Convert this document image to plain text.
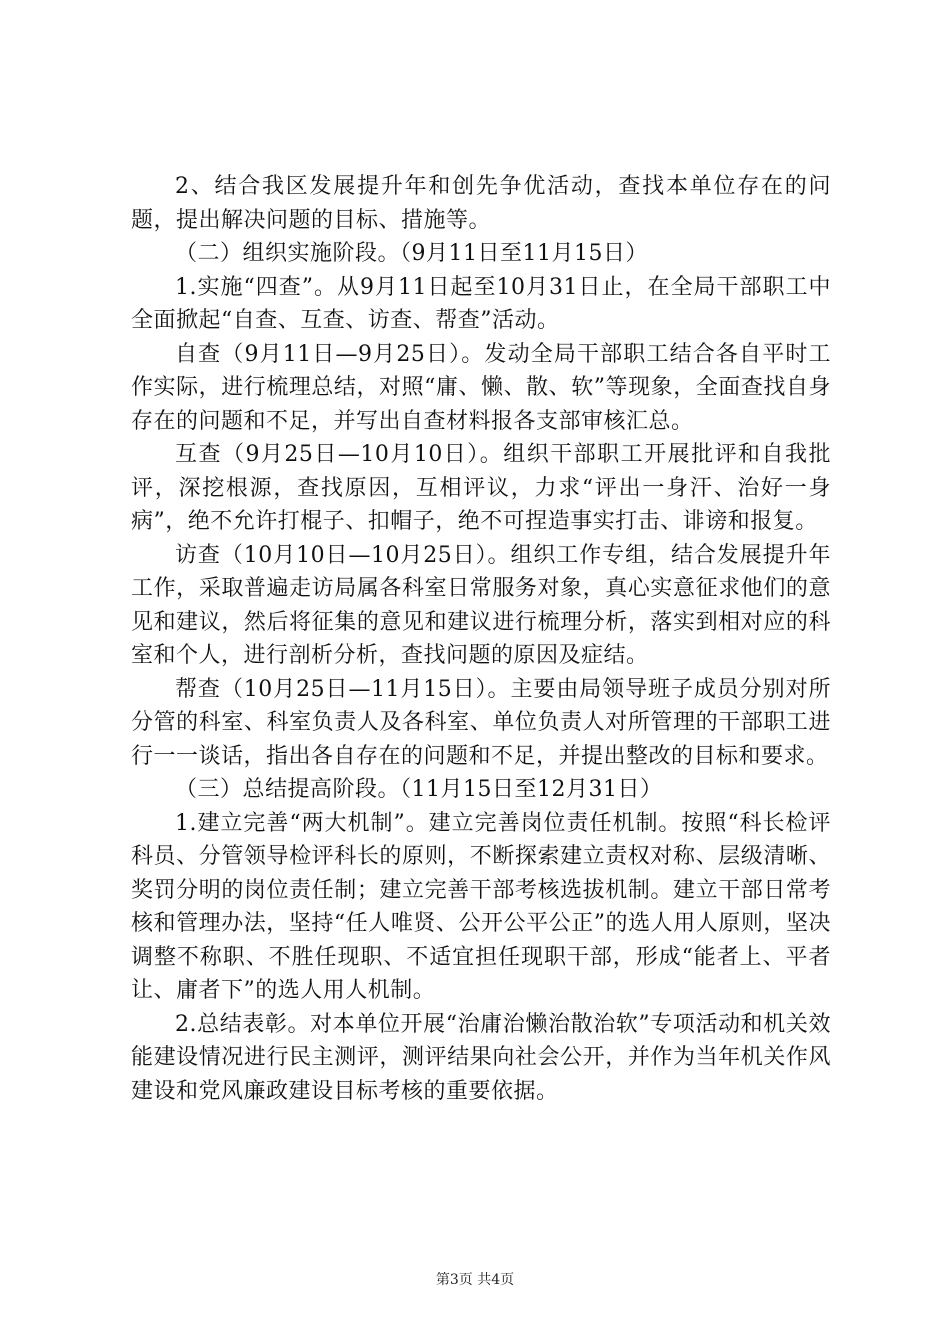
2、结合我区发展提升年和创先争优活动，查找本单位存在的问题，提出解决问题的目标、措施等。

（二）组织实施阶段。（9月11日至11月15日）

1.实施“四查”。从9月11日起至10月31日止，在全局干部职工中全面掀起“自查、互查、访查、帮查”活动。

自查（9月11日—9月25日）。发动全局干部职工结合各自平时工作实际，进行梳理总结，对照“庸、懒、散、软”等现象，全面查找自身存在的问题和不足，并写出自查材料报各支部审核汇总。

互查（9月25日—10月10日）。组织干部职工开展批评和自我批评，深挖根源，查找原因，互相评议，力求“评出一身汗、治好一身病”，绝不允许打棍子、扣帽子，绝不可捏造事实打击、诽谤和报复。

访查（10月10日—10月25日）。组织工作专组，结合发展提升年工作，采取普遍走访局属各科室日常服务对象，真心实意征求他们的意见和建议，然后将征集的意见和建议进行梳理分析，落实到相对应的科室和个人，进行剖析分析，查找问题的原因及症结。

帮查（10月25日—11月15日）。主要由局领导班子成员分别对所分管的科室、科室负责人及各科室、单位负责人对所管理的干部职工进行一一谈话，指出各自存在的问题和不足，并提出整改的目标和要求。

（三）总结提高阶段。（11月15日至12月31日）

1.建立完善“两大机制”。建立完善岗位责任机制。按照“科长检评科员、分管领导检评科长的原则，不断探索建立责权对称、层级清晰、奖罚分明的岗位责任制；建立完善干部考核选拔机制。建立干部日常考核和管理办法，坚持“任人唯贤、公开公平公正”的选人用人原则，坚决调整不称职、不胜任现职、不适宜担任现职干部，形成“能者上、平者让、庸者下”的选人用人机制。

2.总结表彰。对本单位开展“治庸治懒治散治软”专项活动和机关效能建设情况进行民主测评，测评结果向社会公开，并作为当年机关作风建设和党风廉政建设目标考核的重要依据。

第3页 共4页
